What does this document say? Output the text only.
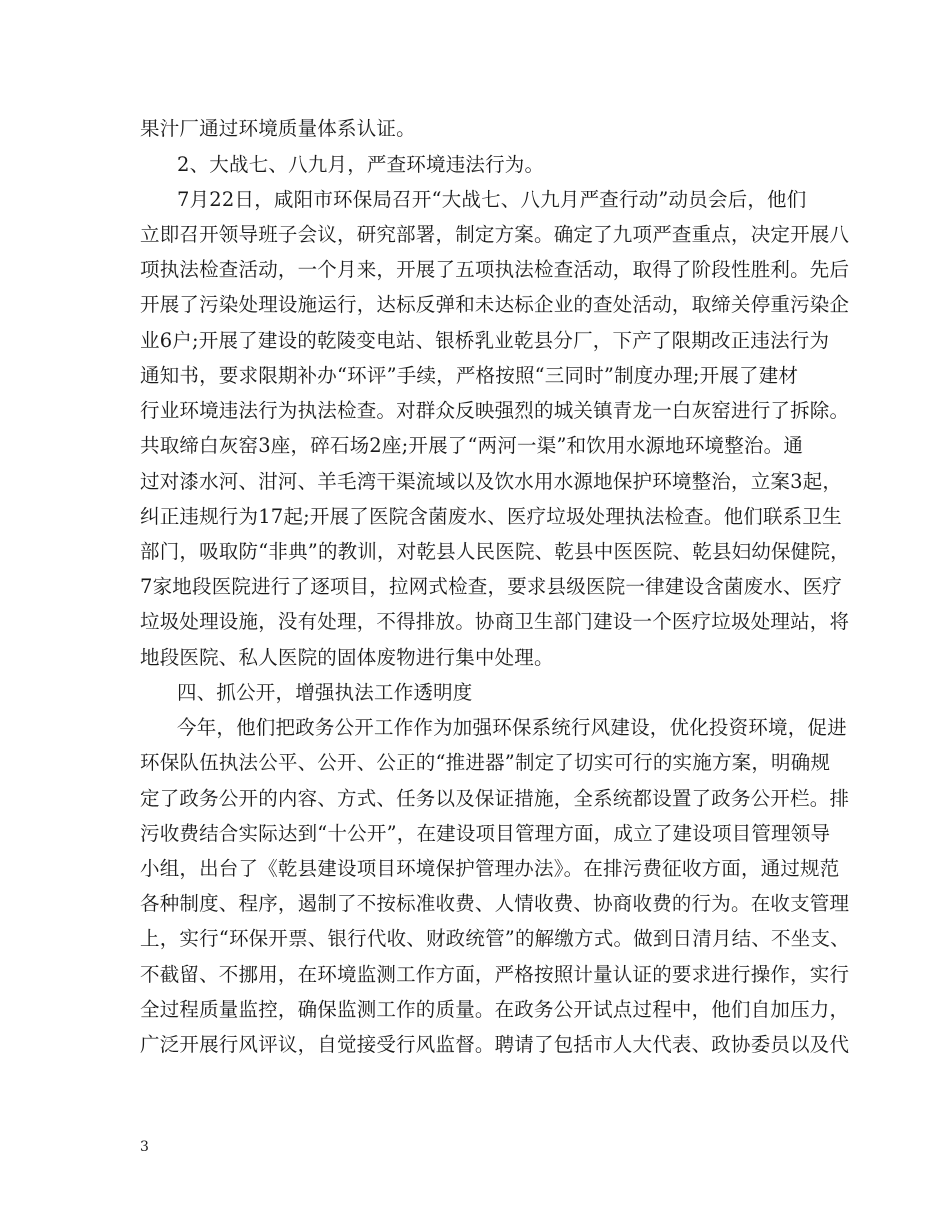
果汁厂通过环境质量体系认证。
2、大战七、八九月，严查环境违法行为。
7月22日，咸阳市环保局召开“大战七、八九月严查行动”动员会后，他们
立即召开领导班子会议，研究部署，制定方案。确定了九项严查重点，决定开展八
项执法检查活动，一个月来，开展了五项执法检查活动，取得了阶段性胜利。先后
开展了污染处理设施运行，达标反弹和未达标企业的查处活动，取缔关停重污染企
业6户;开展了建设的乾陵变电站、银桥乳业乾县分厂，下产了限期改正违法行为
通知书，要求限期补办“环评”手续，严格按照“三同时”制度办理;开展了建材
行业环境违法行为执法检查。对群众反映强烈的城关镇青龙一白灰窑进行了拆除。
共取缔白灰窑3座，碎石场2座;开展了“两河一渠”和饮用水源地环境整治。通
过对漆水河、泔河、羊毛湾干渠流域以及饮水用水源地保护环境整治，立案3起，
纠正违规行为17起;开展了医院含菌废水、医疗垃圾处理执法检查。他们联系卫生
部门，吸取防“非典”的教训，对乾县人民医院、乾县中医医院、乾县妇幼保健院，
7家地段医院进行了逐项目，拉网式检查，要求县级医院一律建设含菌废水、医疗
垃圾处理设施，没有处理，不得排放。协商卫生部门建设一个医疗垃圾处理站，将
地段医院、私人医院的固体废物进行集中处理。
四、抓公开，增强执法工作透明度
今年，他们把政务公开工作作为加强环保系统行风建设，优化投资环境，促进
环保队伍执法公平、公开、公正的“推进器”制定了切实可行的实施方案，明确规
定了政务公开的内容、方式、任务以及保证措施，全系统都设置了政务公开栏。排
污收费结合实际达到“十公开”，在建设项目管理方面，成立了建设项目管理领导
小组，出台了《乾县建设项目环境保护管理办法》。在排污费征收方面，通过规范
各种制度、程序，遏制了不按标准收费、人情收费、协商收费的行为。在收支管理
上，实行“环保开票、银行代收、财政统管”的解缴方式。做到日清月结、不坐支、
不截留、不挪用，在环境监测工作方面，严格按照计量认证的要求进行操作，实行
全过程质量监控，确保监测工作的质量。在政务公开试点过程中，他们自加压力，
广泛开展行风评议，自觉接受行风监督。聘请了包括市人大代表、政协委员以及代
3
